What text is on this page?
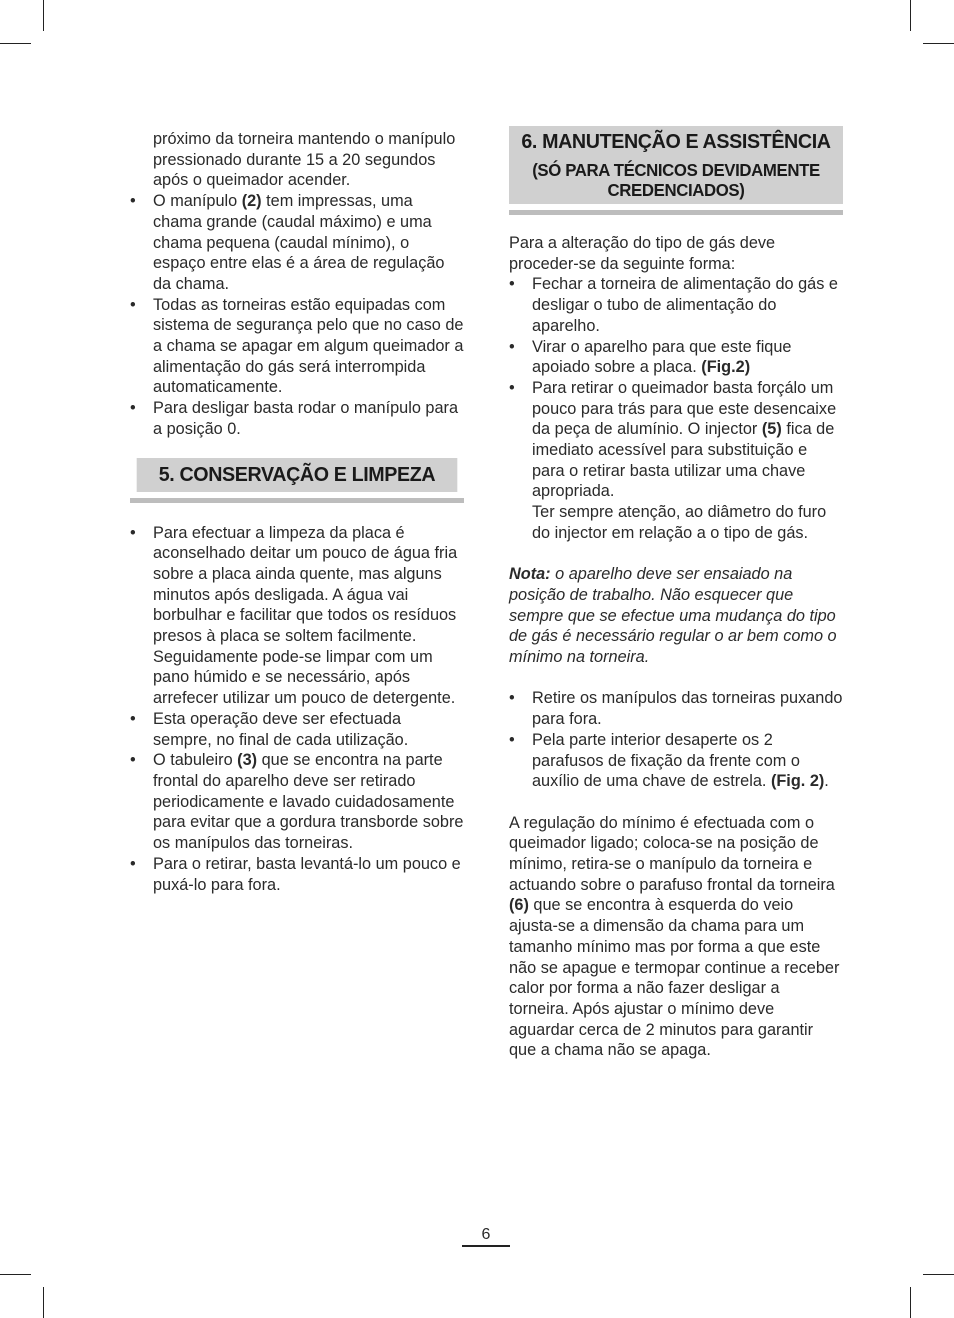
próximo da torneira mantendo o manípulo pressionado durante 15 a 20 segundos após o queimador acender.

• O manípulo (2) tem impressas, uma chama grande (caudal máximo) e uma chama pequena (caudal mínimo), o espaço entre elas é a área de regulação da chama.
• Todas as torneiras estão equipadas com sistema de segurança pelo que no caso de a chama se apagar em algum queimador a alimentação do gás será interrompida automaticamente.
• Para desligar basta rodar o manípulo para a posição 0.
5. CONSERVAÇÃO E LIMPEZA
• Para efectuar a limpeza da placa é aconselhado deitar um pouco de água fria sobre a placa ainda quente, mas alguns minutos após desligada. A água vai borbulhar e facilitar que todos os resíduos presos à placa se soltem facilmente. Seguidamente pode-se limpar com um pano húmido e se necessário, após arrefecer utilizar um pouco de detergente.
• Esta operação deve ser efectuada sempre, no final de cada utilização.
• O tabuleiro (3) que se encontra na parte frontal do aparelho deve ser retirado periodicamente e lavado cuidadosamente para evitar que a gordura transborde sobre os manípulos das torneiras.
• Para o retirar, basta levantá-lo um pouco e puxá-lo para fora.
6. MANUTENÇÃO E ASSISTÊNCIA
(SÓ PARA TÉCNICOS DEVIDAMENTE CREDENCIADOS)

Para a alteração do tipo de gás deve proceder-se da seguinte forma:

• Fechar a torneira de alimentação do gás e desligar o tubo de alimentação do aparelho.
• Virar o aparelho para que este fique apoiado sobre a placa. (Fig.2)
• Para retirar o queimador basta forçálo um pouco para trás para que este desencaixe da peça de alumínio. O injector (5) fica de imediato acessível para substituição e para o retirar basta utilizar uma chave apropriada.

Ter sempre atenção, ao diâmetro do furo do injector em relação a o tipo de gás.

Nota: o aparelho deve ser ensaiado na posição de trabalho. Não esquecer que sempre que se efectue uma mudança do tipo de gás é necessário regular o ar bem como o mínimo na torneira.

• Retire os manípulos das torneiras puxando para fora.
• Pela parte interior desaperte os 2 parafusos de fixação da frente com o auxílio de uma chave de estrela. (Fig. 2).

A regulação do mínimo é efectuada com o queimador ligado; coloca-se na posição de mínimo, retira-se o manípulo da torneira e actuando sobre o parafuso frontal da torneira (6) que se encontra à esquerda do veio ajusta-se a dimensão da chama para um tamanho mínimo mas por forma a que este não se apague e termopar continue a receber calor por forma a não fazer desligar a torneira. Após ajustar o mínimo deve aguardar cerca de 2 minutos para garantir que a chama não se apaga.

6
